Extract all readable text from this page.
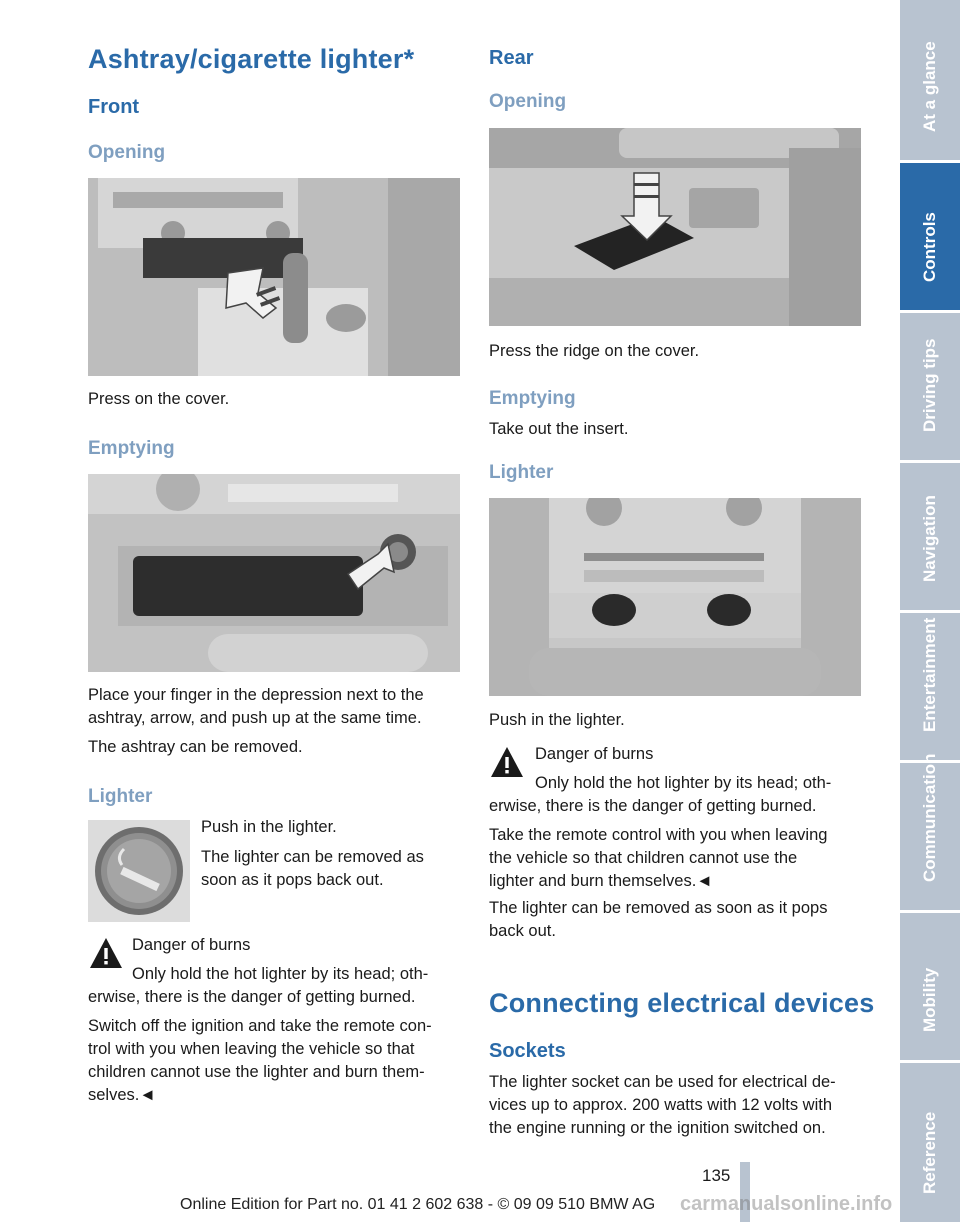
Ashtray/cigarette lighter*
Front
Opening
Press on the cover.
Emptying
Place your finger in the depression next to the
ashtray, arrow, and push up at the same time.
The ashtray can be removed.
Lighter
Push in the lighter.
The lighter can be removed as
soon as it pops back out.
Danger of burns
Only hold the hot lighter by its head; oth-
erwise, there is the danger of getting burned.
Switch off the ignition and take the remote con-
trol with you when leaving the vehicle so that
children cannot use the lighter and burn them-
selves.◄
Rear
Opening
Press the ridge on the cover.
Emptying
Take out the insert.
Lighter
Push in the lighter.
Danger of burns
Only hold the hot lighter by its head; oth-
erwise, there is the danger of getting burned.
Take the remote control with you when leaving
the vehicle so that children cannot use the
lighter and burn themselves.◄
The lighter can be removed as soon as it pops
back out.
Connecting electrical devices
Sockets
The lighter socket can be used for electrical de-
vices up to approx. 200 watts with 12 volts with
the engine running or the ignition switched on.
At a glance
Controls
Driving tips
Navigation
Entertainment
Communication
Mobility
Reference
135
Online Edition for Part no. 01 41 2 602 638 - © 09 09 510 BMW AG carmanualsonline.info
